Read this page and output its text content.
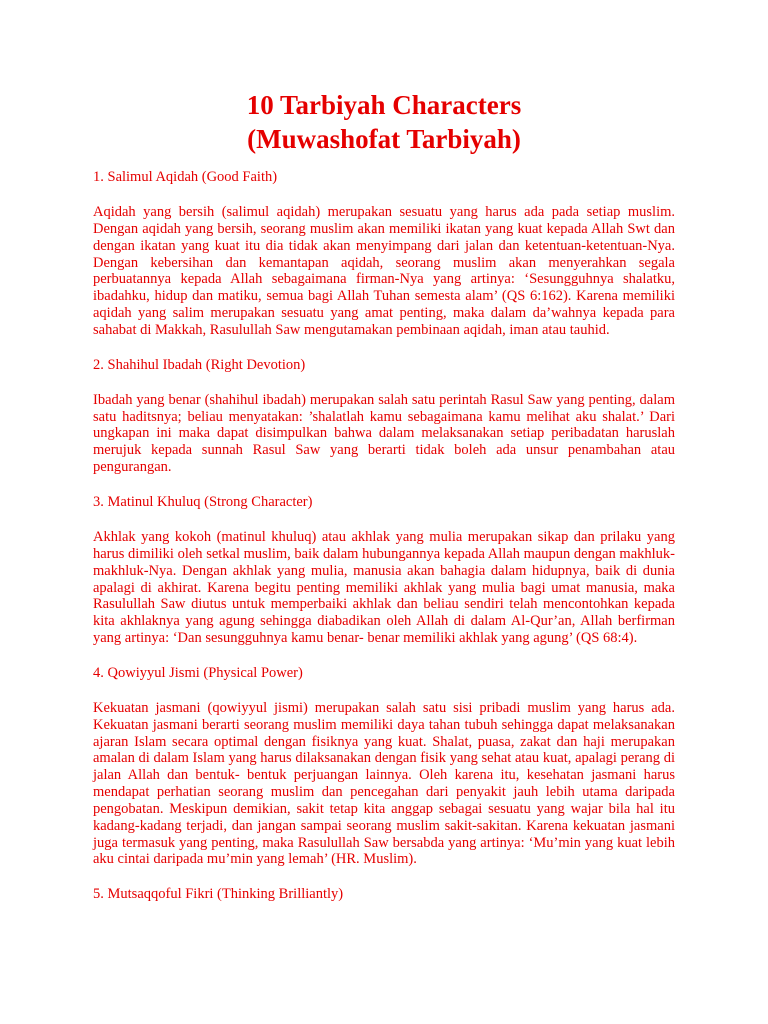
10 Tarbiyah Characters
(Muwashofat Tarbiyah)
1. Salimul Aqidah (Good Faith)
Aqidah yang bersih (salimul aqidah) merupakan sesuatu yang harus ada pada setiap muslim. Dengan aqidah yang bersih, seorang muslim akan memiliki ikatan yang kuat kepada Allah Swt dan dengan ikatan yang kuat itu dia tidak akan menyimpang dari jalan dan ketentuan-ketentuan-Nya. Dengan kebersihan dan kemantapan aqidah, seorang muslim akan menyerahkan segala perbuatannya kepada Allah sebagaimana firman-Nya yang artinya: ‘Sesungguhnya shalatku, ibadahku, hidup dan matiku, semua bagi Allah Tuhan semesta alam’ (QS 6:162). Karena memiliki aqidah yang salim merupakan sesuatu yang amat penting, maka dalam da’wahnya kepada para sahabat di Makkah, Rasulullah Saw mengutamakan pembinaan aqidah, iman atau tauhid.
2. Shahihul Ibadah (Right Devotion)
Ibadah yang benar (shahihul ibadah) merupakan salah satu perintah Rasul Saw yang penting, dalam satu haditsnya; beliau menyatakan: ’shalatlah kamu sebagaimana kamu melihat aku shalat.’ Dari ungkapan ini maka dapat disimpulkan bahwa dalam melaksanakan setiap peribadatan haruslah merujuk kepada sunnah Rasul Saw yang berarti tidak boleh ada unsur penambahan atau pengurangan.
3. Matinul Khuluq (Strong Character)
Akhlak yang kokoh (matinul khuluq) atau akhlak yang mulia merupakan sikap dan prilaku yang harus dimiliki oleh setkal muslim, baik dalam hubungannya kepada Allah maupun dengan makhluk-makhluk-Nya. Dengan akhlak yang mulia, manusia akan bahagia dalam hidupnya, baik di dunia apalagi di akhirat. Karena begitu penting memiliki akhlak yang mulia bagi umat manusia, maka Rasulullah Saw diutus untuk memperbaiki akhlak dan beliau sendiri telah mencontohkan kepada kita akhlaknya yang agung sehingga diabadikan oleh Allah di dalam Al-Qur’an, Allah berfirman yang artinya: ‘Dan sesungguhnya kamu benar- benar memiliki akhlak yang agung’ (QS 68:4).
4. Qowiyyul Jismi (Physical Power)
Kekuatan jasmani (qowiyyul jismi) merupakan salah satu sisi pribadi muslim yang harus ada. Kekuatan jasmani berarti seorang muslim memiliki daya tahan tubuh sehingga dapat melaksanakan ajaran Islam secara optimal dengan fisiknya yang kuat. Shalat, puasa, zakat dan haji merupakan amalan di dalam Islam yang harus dilaksanakan dengan fisik yang sehat atau kuat, apalagi perang di jalan Allah dan bentuk- bentuk perjuangan lainnya. Oleh karena itu, kesehatan jasmani harus mendapat perhatian seorang muslim dan pencegahan dari penyakit jauh lebih utama daripada pengobatan. Meskipun demikian, sakit tetap kita anggap sebagai sesuatu yang wajar bila hal itu kadang-kadang terjadi, dan jangan sampai seorang muslim sakit-sakitan. Karena kekuatan jasmani juga termasuk yang penting, maka Rasulullah Saw bersabda yang artinya: ‘Mu’min yang kuat lebih aku cintai daripada mu’min yang lemah’ (HR. Muslim).
5. Mutsaqqoful Fikri (Thinking Brilliantly)
